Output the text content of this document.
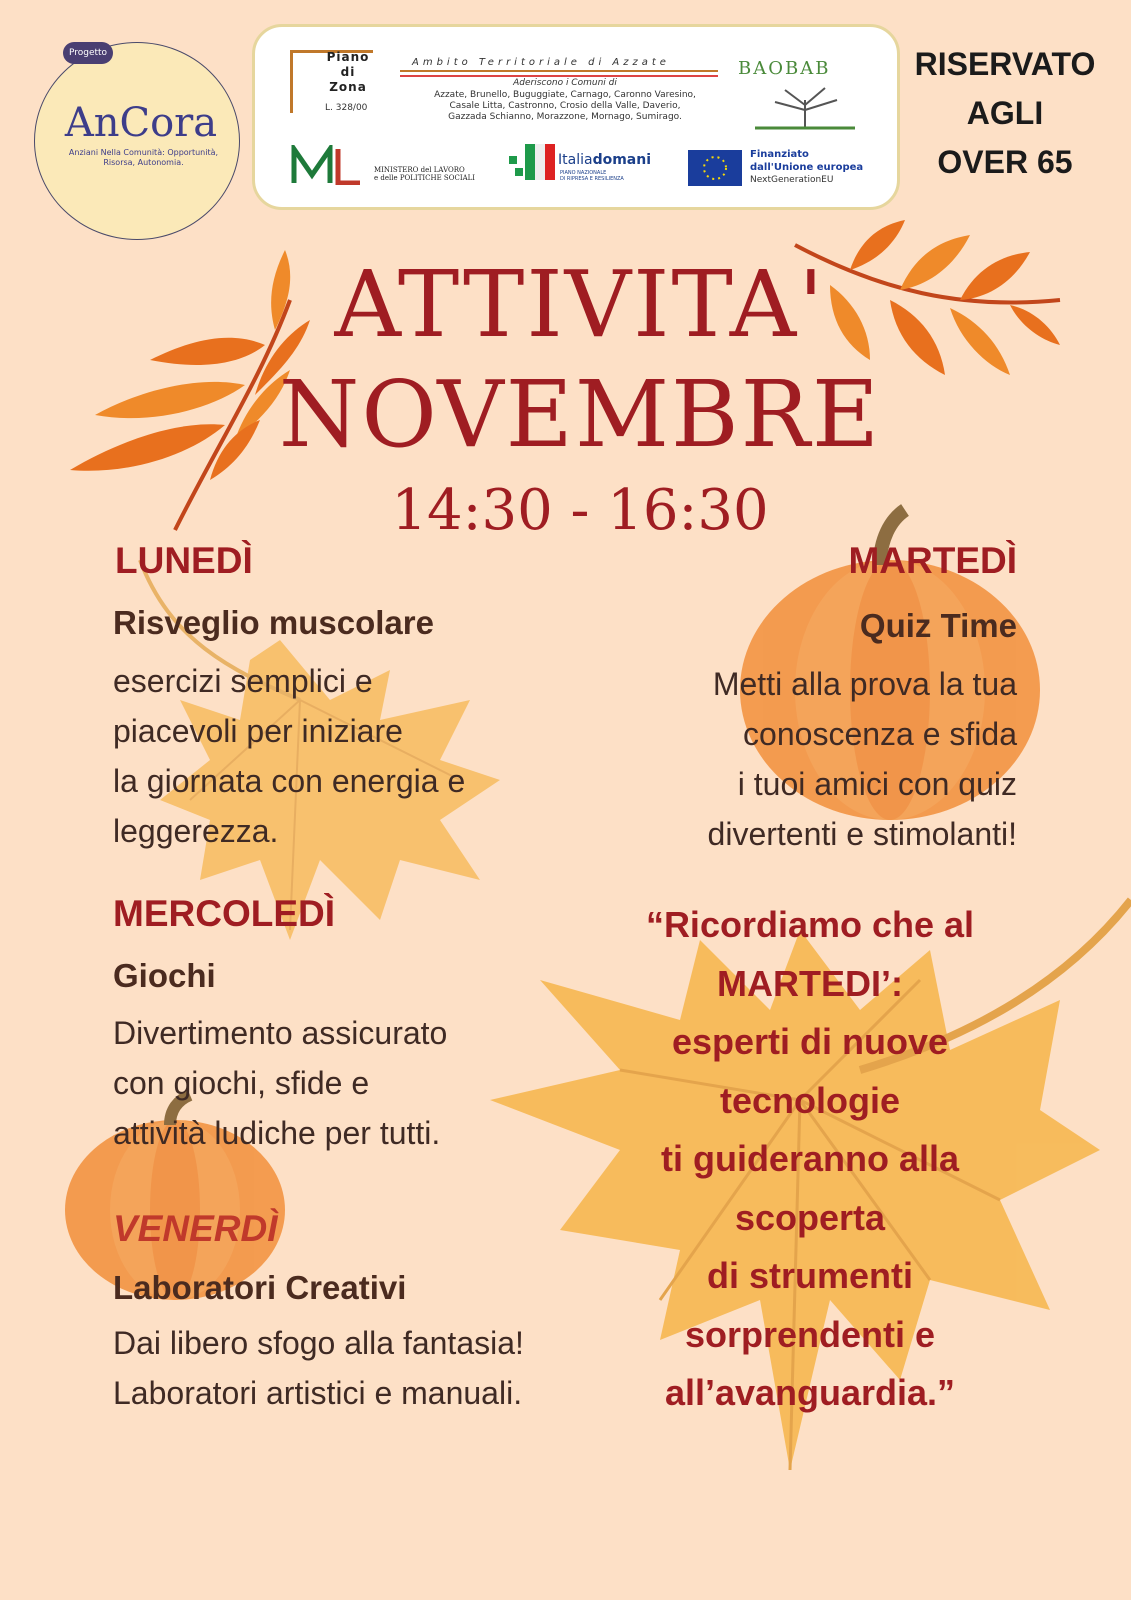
Progetto
AnCora
Anziani Nella Comunità: Opportunità, Risorsa, Autonomia.
Piano
di
Zona
L. 328/00
Ambito Territoriale di Azzate
Aderiscono i Comuni di
Azzate, Brunello, Buguggiate, Carnago, Caronno Varesino,
Casale Litta, Castronno, Crosio della Valle, Daverio,
Gazzada Schianno, Morazzone, Mornago, Sumirago.
BAOBAB
MINISTERO del LAVORO
e delle POLITICHE SOCIALI
Italiadomani
PIANO NAZIONALE
DI RIPRESA E RESILIENZA
Finanziato
dall'Unione europea
NextGenerationEU
RISERVATO
AGLI
OVER 65
ATTIVITA'
NOVEMBRE
14:30 - 16:30
LUNEDÌ
Risveglio muscolare
esercizi semplici e
piacevoli per iniziare
la giornata con energia e
leggerezza.
MARTEDÌ
Quiz Time
Metti alla prova la tua
conoscenza e sfida
i tuoi amici con quiz
divertenti e stimolanti!
MERCOLEDÌ
Giochi
Divertimento assicurato
con giochi, sfide e
attività ludiche per tutti.
VENERDÌ
Laboratori Creativi
Dai libero sfogo alla fantasia!
Laboratori artistici e manuali.
“Ricordiamo che al
MARTEDI’:
esperti di nuove
tecnologie
ti guideranno alla
scoperta
di strumenti
sorprendenti e
all’avanguardia.”
